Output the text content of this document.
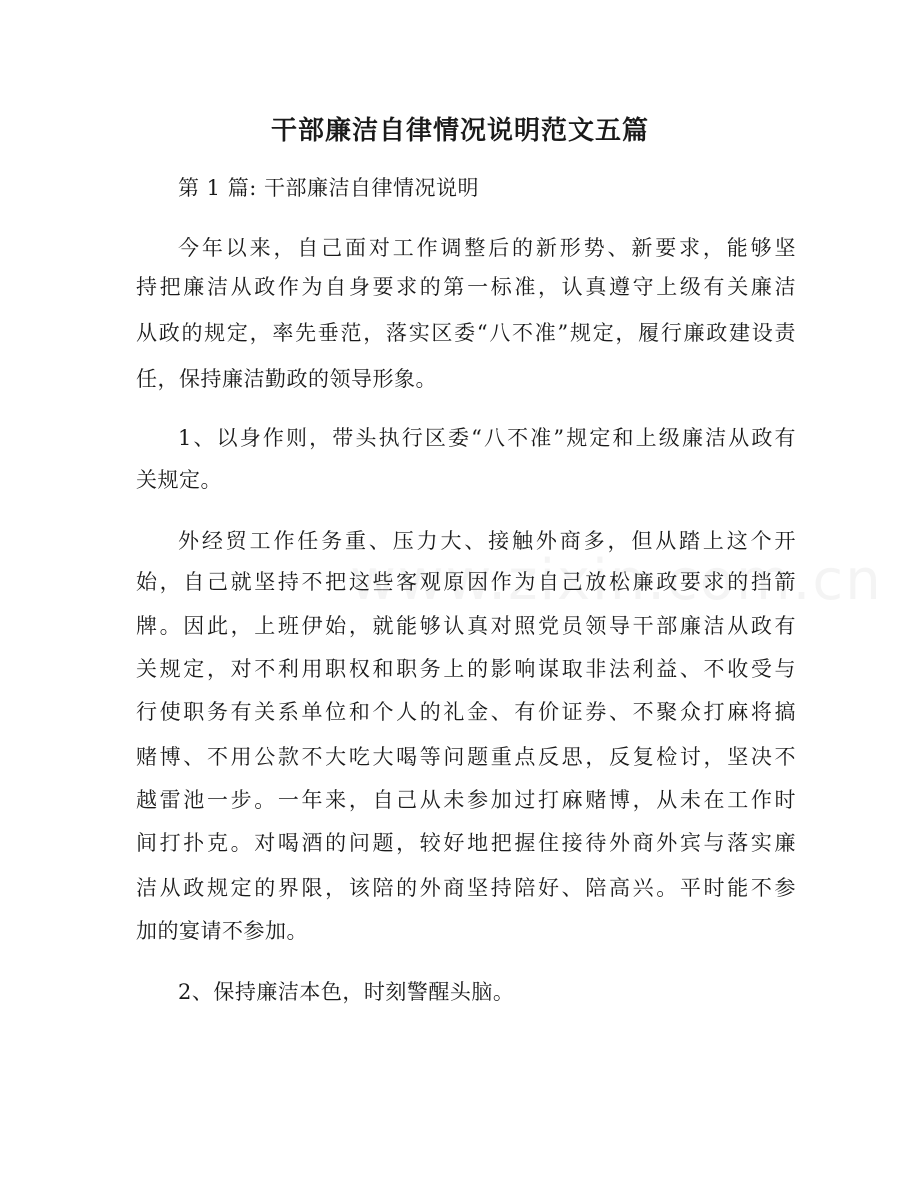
干部廉洁自律情况说明范文五篇
第 1 篇: 干部廉洁自律情况说明
今年以来，自己面对工作调整后的新形势、新要求，能够坚
持把廉洁从政作为自身要求的第一标准，认真遵守上级有关廉洁
从政的规定，率先垂范，落实区委“八不准”规定，履行廉政建设责
任，保持廉洁勤政的领导形象。
1、以身作则，带头执行区委“八不准”规定和上级廉洁从政有
关规定。
外经贸工作任务重、压力大、接触外商多，但从踏上这个开
始，自己就坚持不把这些客观原因作为自己放松廉政要求的挡箭
牌。因此，上班伊始，就能够认真对照党员领导干部廉洁从政有
关规定，对不利用职权和职务上的影响谋取非法利益、不收受与
行使职务有关系单位和个人的礼金、有价证券、不聚众打麻将搞
赌博、不用公款不大吃大喝等问题重点反思，反复检讨，坚决不
越雷池一步。一年来，自己从未参加过打麻赌博，从未在工作时
间打扑克。对喝酒的问题，较好地把握住接待外商外宾与落实廉
洁从政规定的界限，该陪的外商坚持陪好、陪高兴。平时能不参
加的宴请不参加。
2、保持廉洁本色，时刻警醒头脑。
